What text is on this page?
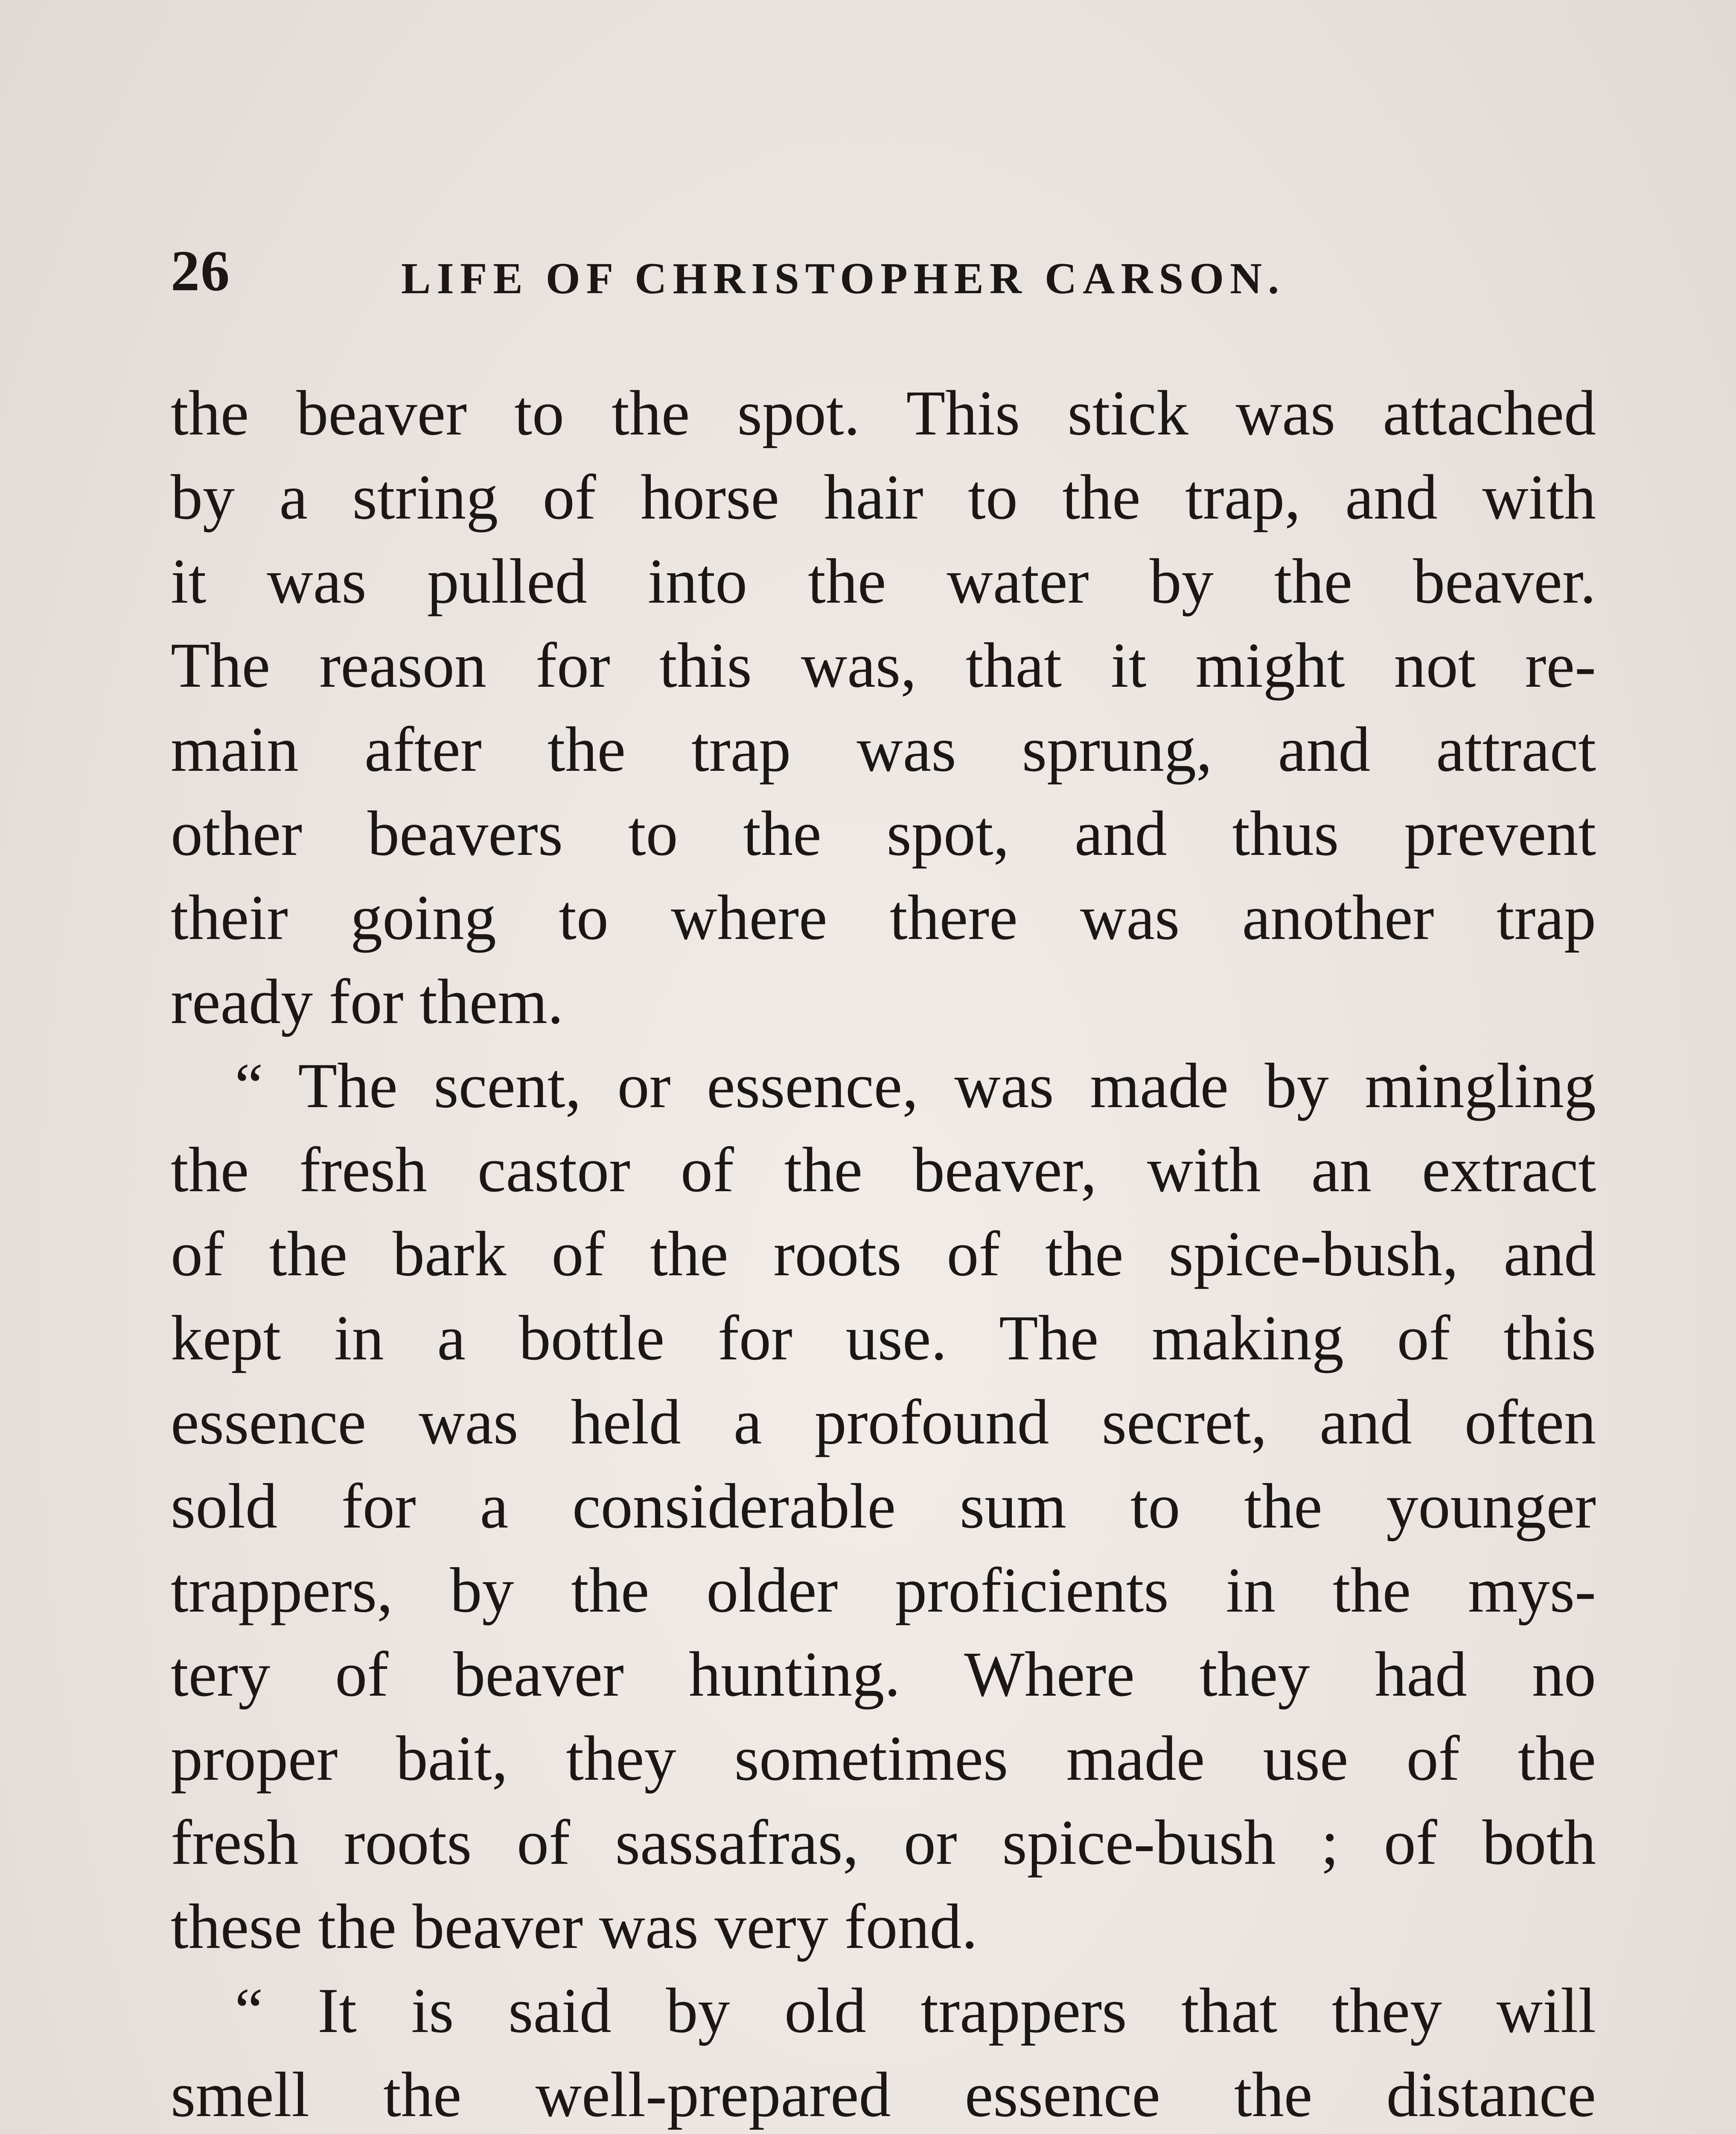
26	LIFE OF CHRISTOPHER CARSON.
the beaver to the spot. This stick was attached
by a string of horse hair to the trap, and with
it was pulled into the water by the beaver.
The reason for this was, that it might not re-
main after the trap was sprung, and attract
other beavers to the spot, and thus prevent
their going to where there was another trap
ready for them.
“ The scent, or essence, was made by mingling
the fresh castor of the beaver, with an extract
of the bark of the roots of the spice-bush, and
kept in a bottle for use. The making of this
essence was held a profound secret, and often
sold for a considerable sum to the younger
trappers, by the older proficients in the mys-
tery of beaver hunting. Where they had no
proper bait, they sometimes made use of the
fresh roots of sassafras, or spice-bush ; of both
these the beaver was very fond.
“ It is said by old trappers that they will
smell the well-prepared essence the distance
